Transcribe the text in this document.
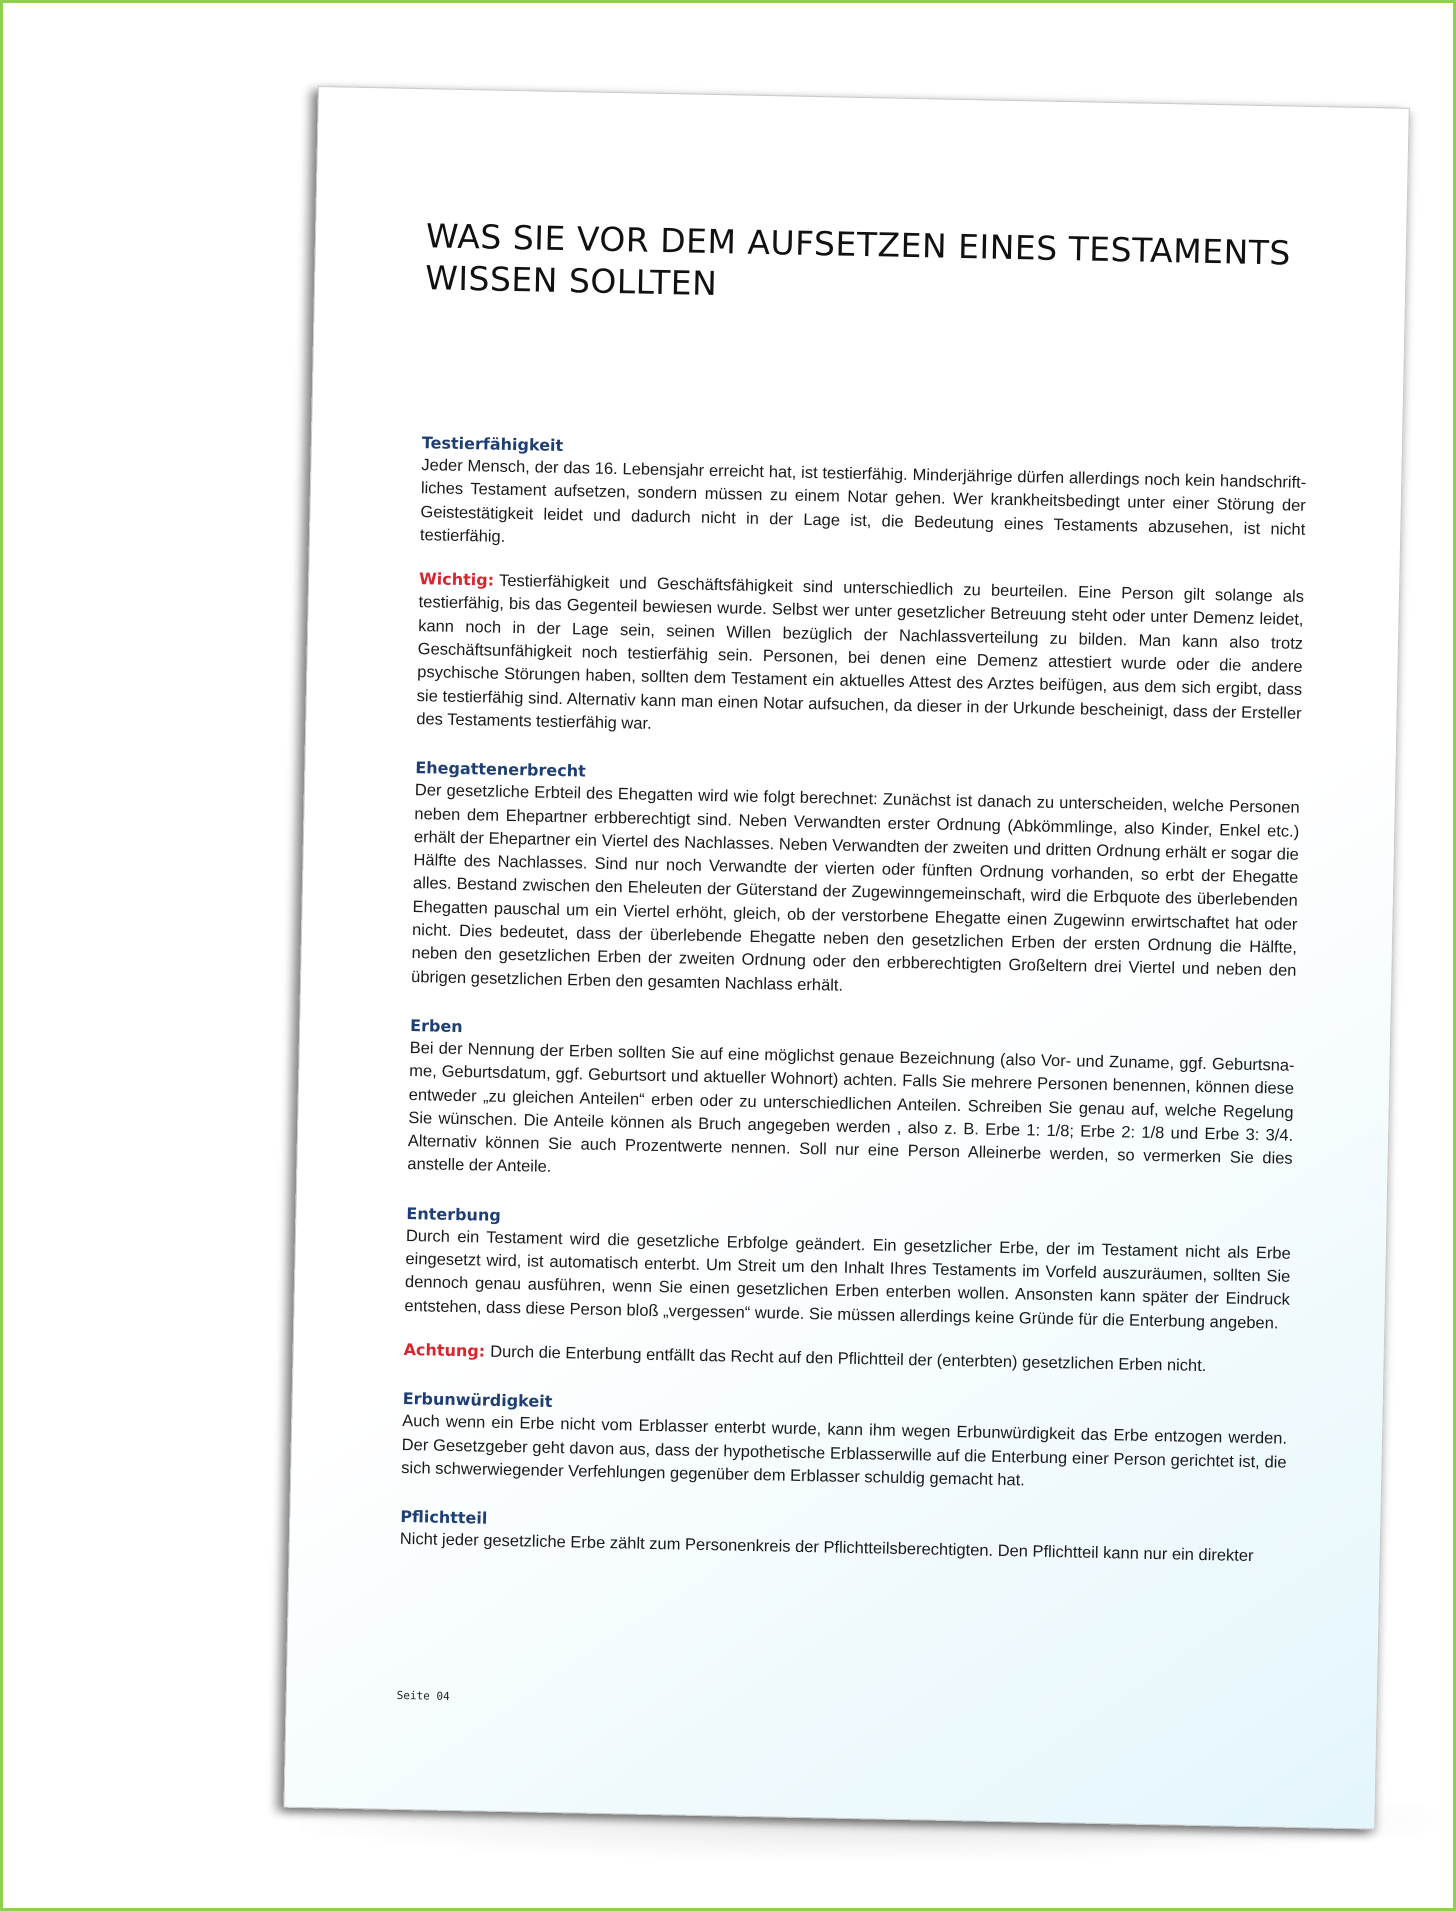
WAS SIE VOR DEM AUFSETZEN EINES TESTAMENTS WISSEN SOLLTEN
Testierfähigkeit

Jeder Mensch, der das 16. Lebensjahr erreicht hat, ist testierfähig. Minderjährige dürfen allerdings noch kein handschriftliches Testament aufsetzen, sondern müssen zu einem Notar gehen. Wer krankheitsbedingt unter einer Störung der Geistestätigkeit leidet und dadurch nicht in der Lage ist, die Bedeutung eines Testaments abzusehen, ist nicht testierfähig.

Wichtig: Testierfähigkeit und Geschäftsfähigkeit sind unterschiedlich zu beurteilen. Eine Person gilt solange als testierfähig, bis das Gegenteil bewiesen wurde. Selbst wer unter gesetzlicher Betreuung steht oder unter Demenz leidet, kann noch in der Lage sein, seinen Willen bezüglich der Nachlassverteilung zu bilden. Man kann also trotz Geschäftsunfähigkeit noch testierfähig sein. Personen, bei denen eine Demenz attestiert wurde oder die andere psychische Störungen haben, sollten dem Testament ein aktuelles Attest des Arztes beifügen, aus dem sich ergibt, dass sie testierfähig sind. Alternativ kann man einen Notar aufsuchen, da dieser in der Urkunde bescheinigt, dass der Ersteller des Testaments testierfähig war.

Ehegattenerbrecht

Der gesetzliche Erbteil des Ehegatten wird wie folgt berechnet: Zunächst ist danach zu unterscheiden, welche Personen neben dem Ehepartner erbberechtigt sind. Neben Verwandten erster Ordnung (Abkömmlinge, also Kinder, Enkel etc.) erhält der Ehepartner ein Viertel des Nachlasses. Neben Verwandten der zweiten und dritten Ordnung erhält er sogar die Hälfte des Nachlasses. Sind nur noch Verwandte der vierten oder fünften Ordnung vorhanden, so erbt der Ehegatte alles. Bestand zwischen den Eheleuten der Güterstand der Zugewinngemeinschaft, wird die Erbquote des überlebenden Ehegatten pauschal um ein Viertel erhöht, gleich, ob der verstorbene Ehegatte einen Zugewinn erwirtschaftet hat oder nicht. Dies bedeutet, dass der überlebende Ehegatte neben den gesetzlichen Erben der ersten Ordnung die Hälfte, neben den gesetzlichen Erben der zweiten Ordnung oder den erbberechtigten Großeltern drei Viertel und neben den übrigen gesetzlichen Erben den gesamten Nachlass erhält.

Erben

Bei der Nennung der Erben sollten Sie auf eine möglichst genaue Bezeichnung (also Vor- und Zuname, ggf. Geburtsname, Geburtsdatum, ggf. Geburtsort und aktueller Wohnort) achten. Falls Sie mehrere Personen benennen, können diese entweder „zu gleichen Anteilen“ erben oder zu unterschiedlichen Anteilen. Schreiben Sie genau auf, welche Regelung Sie wünschen. Die Anteile können als Bruch angegeben werden , also z. B. Erbe 1: 1/8; Erbe 2: 1/8 und Erbe 3: 3/4. Alternativ können Sie auch Prozentwerte nennen. Soll nur eine Person Alleinerbe werden, so vermerken Sie dies anstelle der Anteile.

Enterbung

Durch ein Testament wird die gesetzliche Erbfolge geändert. Ein gesetzlicher Erbe, der im Testament nicht als Erbe eingesetzt wird, ist automatisch enterbt. Um Streit um den Inhalt Ihres Testaments im Vorfeld auszuräumen, sollten Sie dennoch genau ausführen, wenn Sie einen gesetzlichen Erben enterben wollen. Ansonsten kann später der Eindruck entstehen, dass diese Person bloß „vergessen“ wurde. Sie müssen allerdings keine Gründe für die Enterbung angeben.

Achtung: Durch die Enterbung entfällt das Recht auf den Pflichtteil der (enterbten) gesetzlichen Erben nicht.

Erbunwürdigkeit

Auch wenn ein Erbe nicht vom Erblasser enterbt wurde, kann ihm wegen Erbunwürdigkeit das Erbe entzogen werden. Der Gesetzgeber geht davon aus, dass der hypothetische Erblasserwille auf die Enterbung einer Person gerichtet ist, die sich schwerwiegender Verfehlungen gegenüber dem Erblasser schuldig gemacht hat.

Pflichtteil

Nicht jeder gesetzliche Erbe zählt zum Personenkreis der Pflichtteilsberechtigten. Den Pflichtteil kann nur ein direkter

Seite 04
